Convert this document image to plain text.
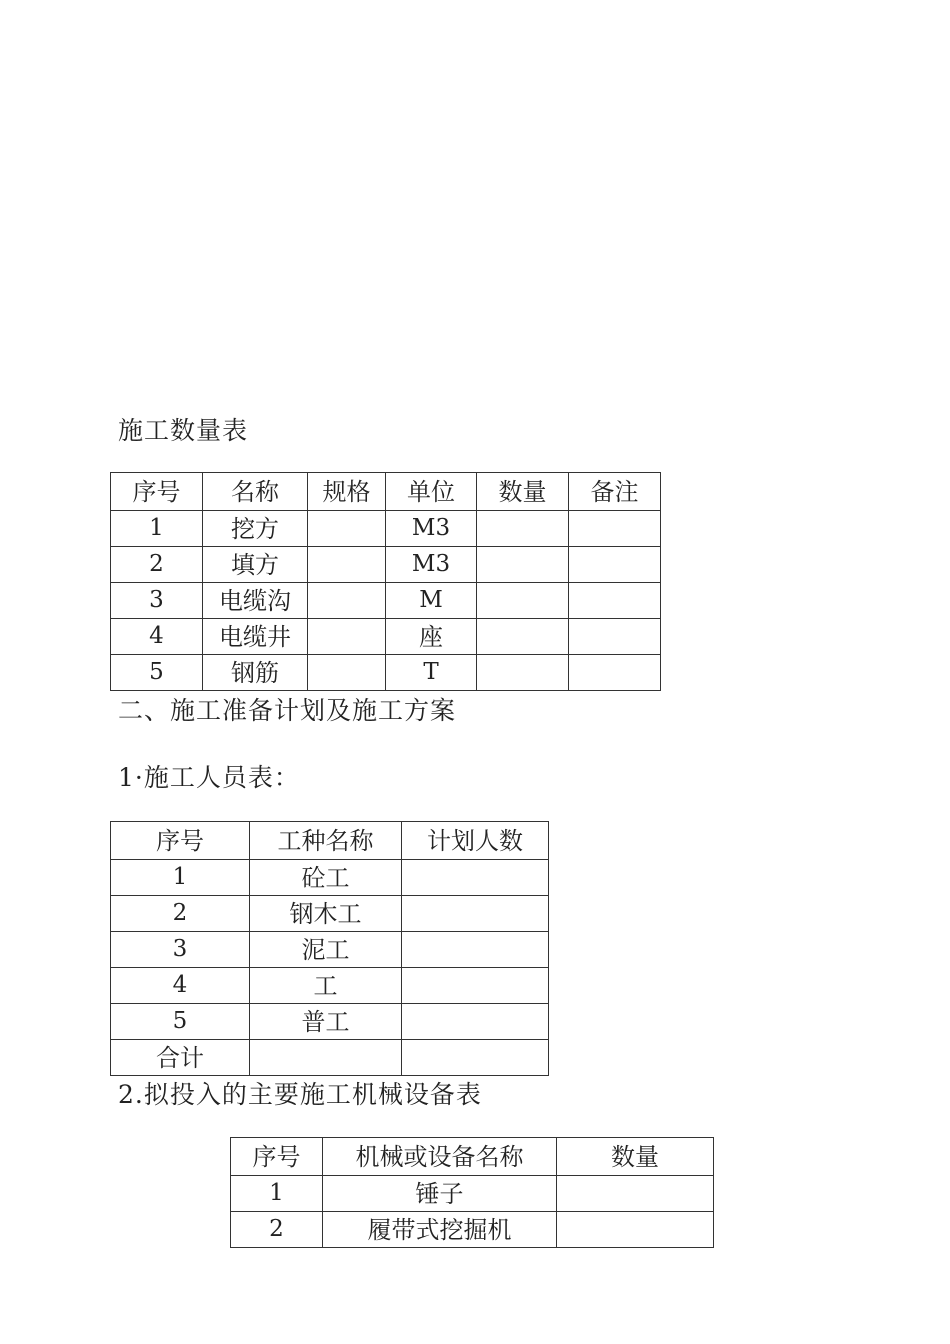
施工数量表
序号	名称	规格	单位	数量	备注
1	挖方		M3		
2	填方		M3		
3	电缆沟		M		
4	电缆井		座		
5	钢筋		T		
二、施工准备计划及施工方案
1·施工人员表：
序号	工种名称	计划人数
1	砼工	
2	钢木工	
3	泥工	
4	工	
5	普工	
合计		
2.拟投入的主要施工机械设备表
序号	机械或设备名称	数量
1	锤子	
2	履带式挖掘机	
